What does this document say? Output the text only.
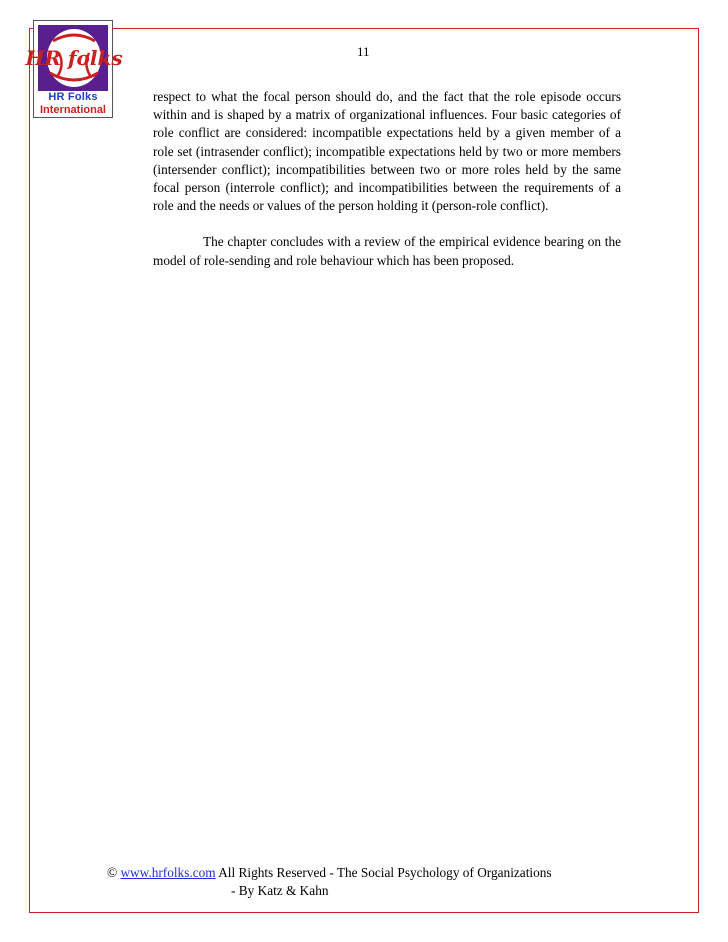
HR folks
HR Folks
International
11

respect to what the focal person should do, and the fact that the role episode occurs within and is shaped by a matrix of organizational influences. Four basic categories of role conflict are considered: incompatible expectations held by a given member of a role set (intrasender conflict); incompatible expectations held by two or more members (intersender conflict); incompatibilities between two or more roles held by the same focal person (interrole conflict); and incompatibilities between the requirements of a role and the needs or values of the person holding it (person-role conflict).

The chapter concludes with a review of the empirical evidence bearing on the model of role-sending and role behaviour which has been proposed.

© www.hrfolks.com All Rights Reserved - The Social Psychology of Organizations
- By Katz & Kahn
